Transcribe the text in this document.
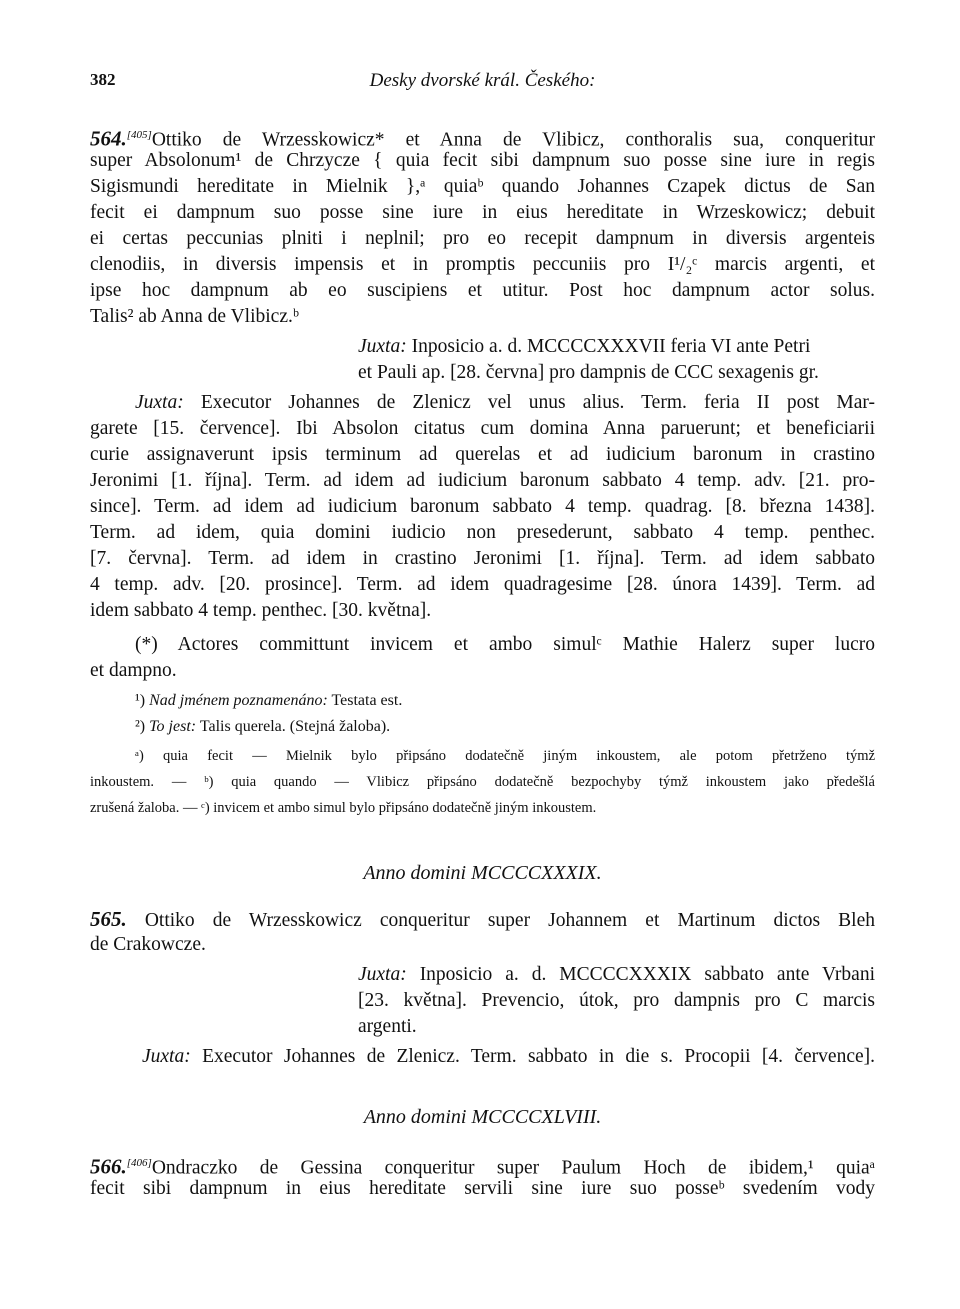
382	Desky dvorské král. Českého:
564.[405]Ottiko de Wrzesskowicz* et Anna de Vlibicz, conthoralis sua, conqueritur
super Absolonum¹ de Chrzycze { quia fecit sibi dampnum suo posse sine iure in regis
Sigismundi hereditate in Mielnik },ᵃ quiaᵇ quando Johannes Czapek dictus de San
fecit ei dampnum suo posse sine iure in eius hereditate in Wrzeskowicz; debuit
ei certas peccunias plniti i neplnil; pro eo recepit dampnum in diversis argenteis
clenodiis, in diversis impensis et in promptis peccuniis pro I¹/₂ᶜ marcis argenti, et
ipse hoc dampnum ab eo suscipiens et utitur. Post hoc dampnum actor solus.
Talis² ab Anna de Vlibicz.ᵇ
Juxta: Inposicio a. d. MCCCCXXXVII feria VI ante Petri
et Pauli ap. [28. června] pro dampnis de CCC sexagenis gr.
Juxta: Executor Johannes de Zlenicz vel unus alius. Term. feria II post Mar-
garete [15. července]. Ibi Absolon citatus cum domina Anna paruerunt; et beneficiarii
curie assignaverunt ipsis terminum ad querelas et ad iudicium baronum in crastino
Jeronimi [1. října]. Term. ad idem ad iudicium baronum sabbato 4 temp. adv. [21. pro-
since]. Term. ad idem ad iudicium baronum sabbato 4 temp. quadrag. [8. března 1438].
Term. ad idem, quia domini iudicio non presederunt, sabbato 4 temp. penthec.
[7. června]. Term. ad idem in crastino Jeronimi [1. října]. Term. ad idem sabbato
4 temp. adv. [20. prosince]. Term. ad idem quadragesime [28. února 1439]. Term. ad
idem sabbato 4 temp. penthec. [30. května].
(*) Actores committunt invicem et ambo simulᶜ Mathie Halerz super lucro
et dampno.
¹) Nad jménem poznamenáno: Testata est.
²) To jest: Talis querela. (Stejná žaloba).
ᵃ) quia fecit — Mielnik bylo připsáno dodatečně jiným inkoustem, ale potom přetrženo týmž
inkoustem. — ᵇ) quia quando — Vlibicz připsáno dodatečně bezpochyby týmž inkoustem jako předešlá
zrušená žaloba. — ᶜ) invicem et ambo simul bylo připsáno dodatečně jiným inkoustem.
Anno domini MCCCCXXXIX.
565. Ottiko de Wrzesskowicz conqueritur super Johannem et Martinum dictos Bleh
de Crakowcze.
Juxta: Inposicio a. d. MCCCCXXXIX sabbato ante Vrbani
[23. května]. Prevencio, útok, pro dampnis pro C marcis
argenti.
Juxta: Executor Johannes de Zlenicz. Term. sabbato in die s. Procopii [4. července].
Anno domini MCCCCXLVIII.
566.[406]Ondraczko de Gessina conqueritur super Paulum Hoch de ibidem,¹ quiaᵃ
fecit sibi dampnum in eius hereditate servili sine iure suo posseᵇ svedením vody
